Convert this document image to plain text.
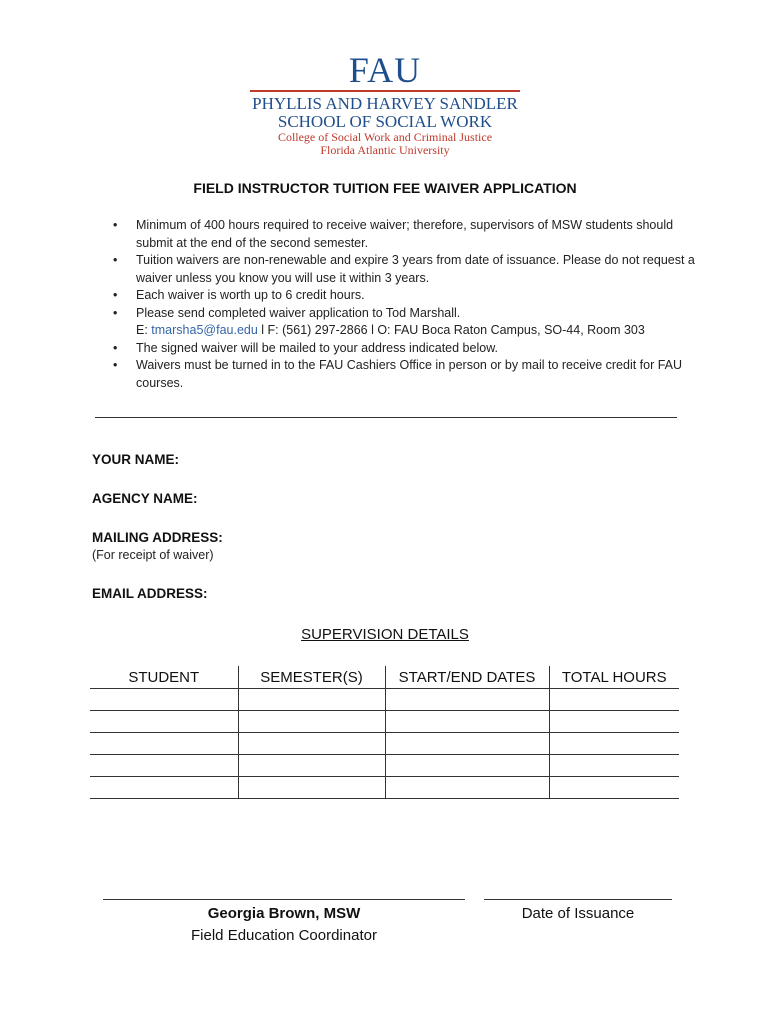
FAU
PHYLLIS AND HARVEY SANDLER
SCHOOL OF SOCIAL WORK
College of Social Work and Criminal Justice
Florida Atlantic University
FIELD INSTRUCTOR TUITION FEE WAIVER APPLICATION
• Minimum of 400 hours required to receive waiver; therefore, supervisors of MSW students should submit at the end of the second semester.
• Tuition waivers are non-renewable and expire 3 years from date of issuance. Please do not request a waiver unless you know you will use it within 3 years.
• Each waiver is worth up to 6 credit hours.
• Please send completed waiver application to Tod Marshall.
E: tmarsha5@fau.edu l F: (561) 297-2866 l O: FAU Boca Raton Campus, SO-44, Room 303
• The signed waiver will be mailed to your address indicated below.
• Waivers must be turned in to the FAU Cashiers Office in person or by mail to receive credit for FAU courses.
YOUR NAME:
AGENCY NAME:
MAILING ADDRESS:
(For receipt of waiver)
EMAIL ADDRESS:
SUPERVISION DETAILS
STUDENT	SEMESTER(S)	START/END DATES	TOTAL HOURS

Georgia Brown, MSW
Field Education Coordinator
Date of Issuance
